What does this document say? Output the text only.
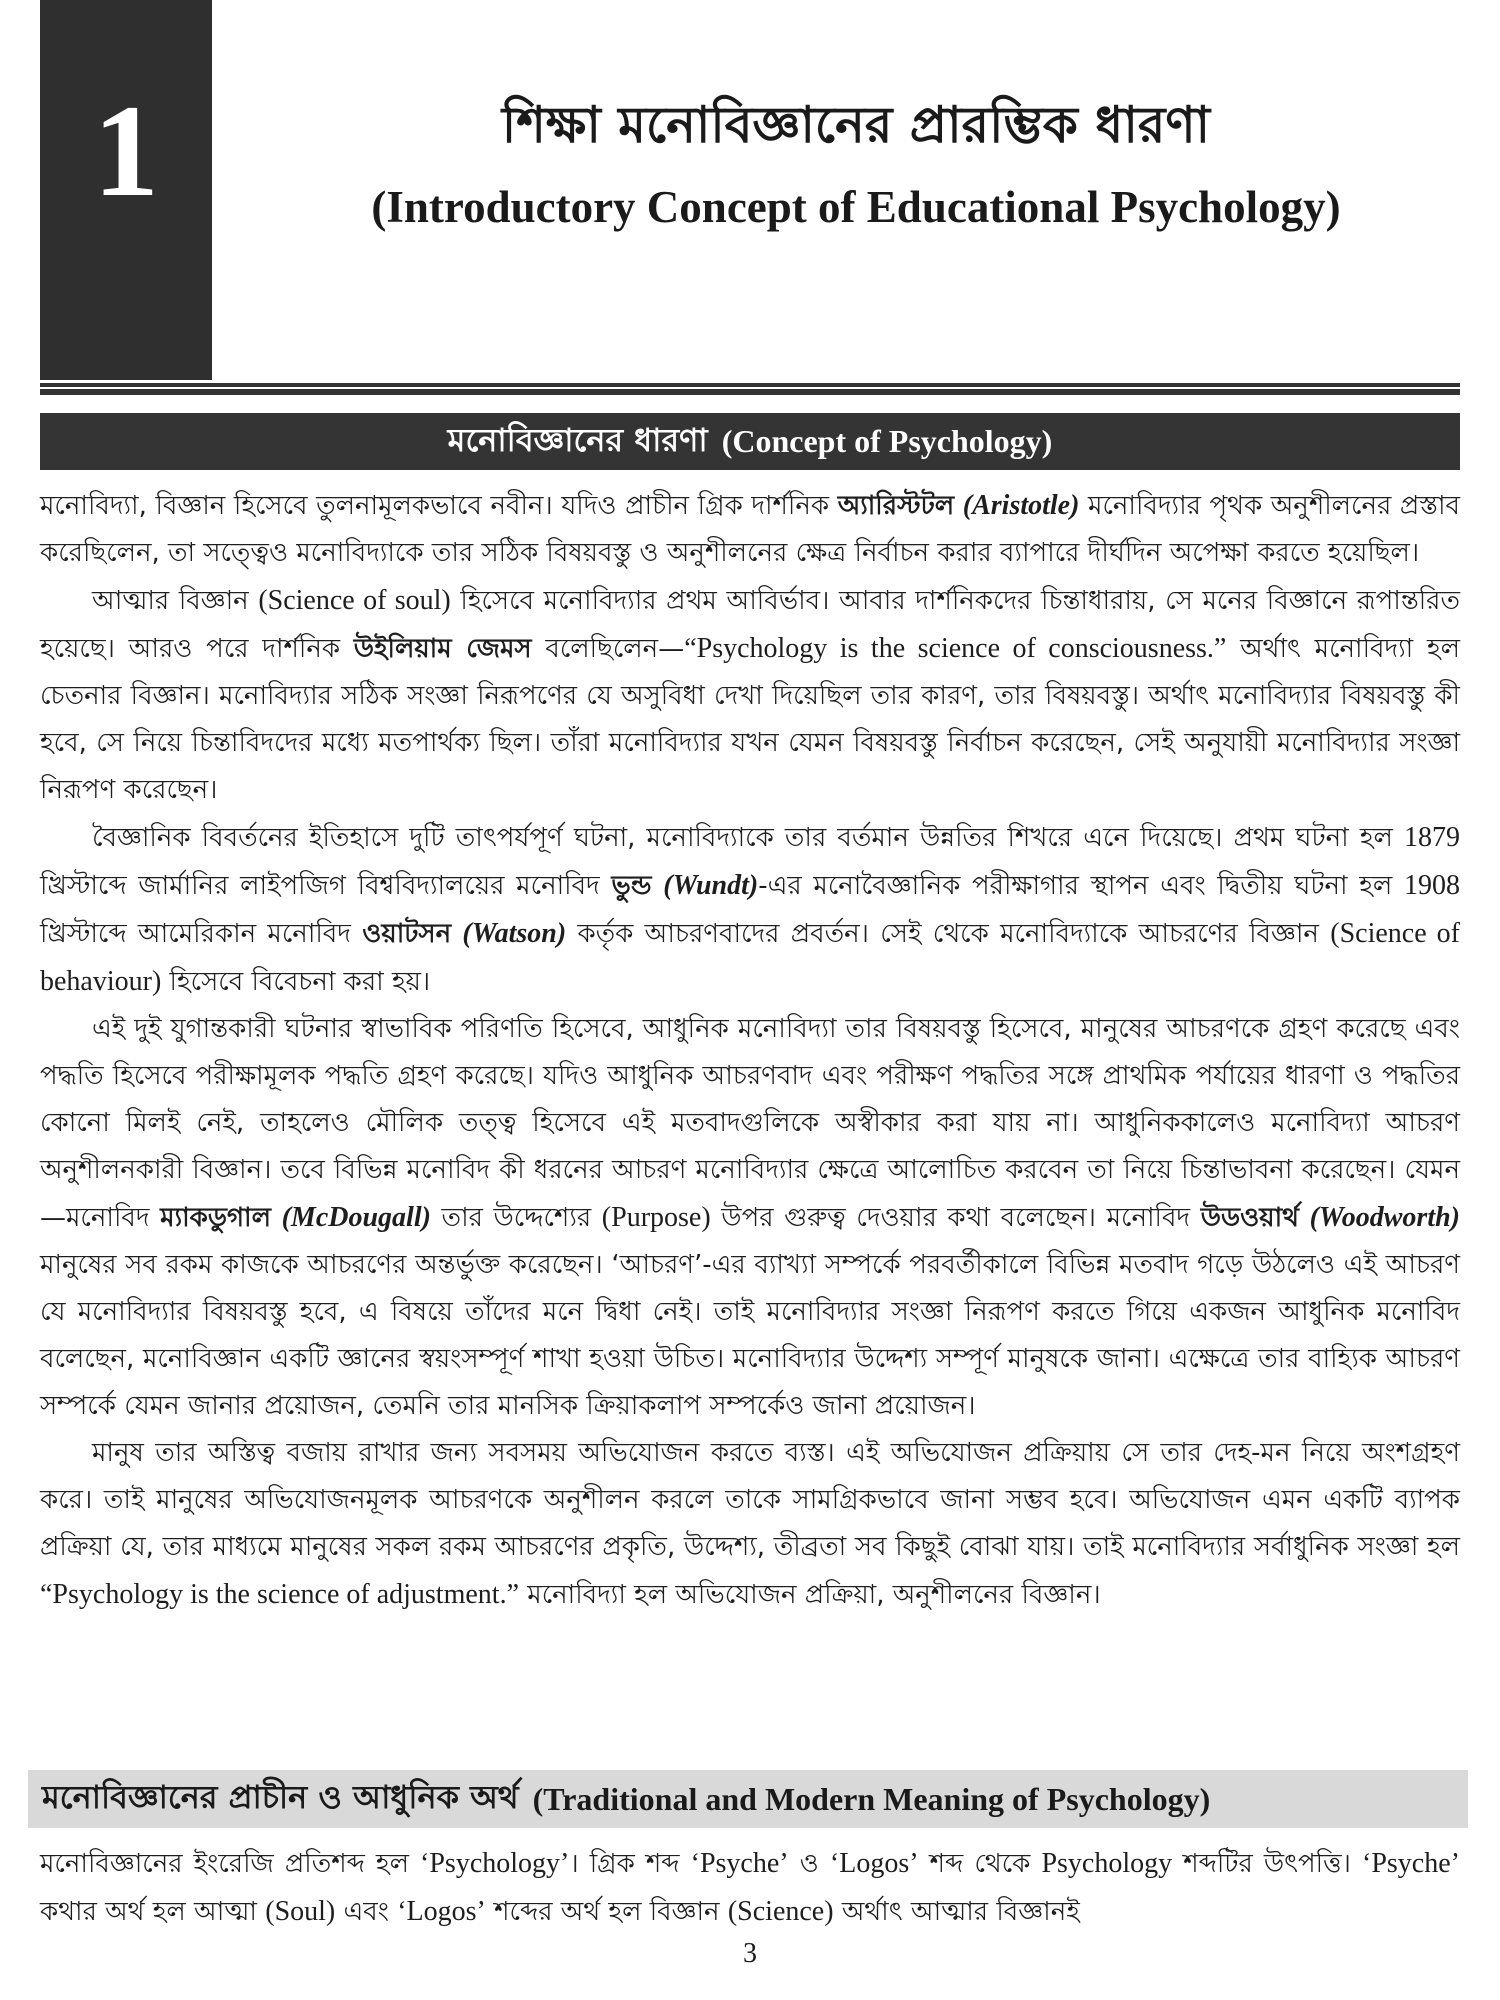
1	শিক্ষা মনোবিজ্ঞানের প্রারম্ভিক ধারণা
(Introductory Concept of Educational Psychology)
মনোবিজ্ঞানের ধারণা (Concept of Psychology)

মনোবিদ্যা, বিজ্ঞান হিসেবে তুলনামূলকভাবে নবীন। যদিও প্রাচীন গ্রিক দার্শনিক অ্যারিস্টটল (Aristotle) মনোবিদ্যার পৃথক অনুশীলনের প্রস্তাব করেছিলেন, তা সত্ত্বেও মনোবিদ্যাকে তার সঠিক বিষয়বস্তু ও অনুশীলনের ক্ষেত্র নির্বাচন করার ব্যাপারে দীর্ঘদিন অপেক্ষা করতে হয়েছিল।

আত্মার বিজ্ঞান (Science of soul) হিসেবে মনোবিদ্যার প্রথম আবির্ভাব। আবার দার্শনিকদের চিন্তাধারায়, সে মনের বিজ্ঞানে রূপান্তরিত হয়েছে। আরও পরে দার্শনিক উইলিয়াম জেমস বলেছিলেন—“Psychology is the science of consciousness.” অর্থাৎ মনোবিদ্যা হল চেতনার বিজ্ঞান। মনোবিদ্যার সঠিক সংজ্ঞা নিরূপণের যে অসুবিধা দেখা দিয়েছিল তার কারণ, তার বিষয়বস্তু। অর্থাৎ মনোবিদ্যার বিষয়বস্তু কী হবে, সে নিয়ে চিন্তাবিদদের মধ্যে মতপার্থক্য ছিল। তাঁরা মনোবিদ্যার যখন যেমন বিষয়বস্তু নির্বাচন করেছেন, সেই অনুযায়ী মনোবিদ্যার সংজ্ঞা নিরূপণ করেছেন।

বৈজ্ঞানিক বিবর্তনের ইতিহাসে দুটি তাৎপর্যপূর্ণ ঘটনা, মনোবিদ্যাকে তার বর্তমান উন্নতির শিখরে এনে দিয়েছে। প্রথম ঘটনা হল 1879 খ্রিস্টাব্দে জার্মানির লাইপজিগ বিশ্ববিদ্যালয়ের মনোবিদ ভুন্ড (Wundt)-এর মনোবৈজ্ঞানিক পরীক্ষাগার স্থাপন এবং দ্বিতীয় ঘটনা হল 1908 খ্রিস্টাব্দে আমেরিকান মনোবিদ ওয়াটসন (Watson) কর্তৃক আচরণবাদের প্রবর্তন। সেই থেকে মনোবিদ্যাকে আচরণের বিজ্ঞান (Science of behaviour) হিসেবে বিবেচনা করা হয়।

এই দুই যুগান্তকারী ঘটনার স্বাভাবিক পরিণতি হিসেবে, আধুনিক মনোবিদ্যা তার বিষয়বস্তু হিসেবে, মানুষের আচরণকে গ্রহণ করেছে এবং পদ্ধতি হিসেবে পরীক্ষামূলক পদ্ধতি গ্রহণ করেছে। যদিও আধুনিক আচরণবাদ এবং পরীক্ষণ পদ্ধতির সঙ্গে প্রাথমিক পর্যায়ের ধারণা ও পদ্ধতির কোনো মিলই নেই, তাহলেও মৌলিক তত্ত্ব হিসেবে এই মতবাদগুলিকে অস্বীকার করা যায় না। আধুনিককালেও মনোবিদ্যা আচরণ অনুশীলনকারী বিজ্ঞান। তবে বিভিন্ন মনোবিদ কী ধরনের আচরণ মনোবিদ্যার ক্ষেত্রে আলোচিত করবেন তা নিয়ে চিন্তাভাবনা করেছেন। যেমন—মনোবিদ ম্যাকডুগাল (McDougall) তার উদ্দেশ্যের (Purpose) উপর গুরুত্ব দেওয়ার কথা বলেছেন। মনোবিদ উডওয়ার্থ (Woodworth) মানুষের সব রকম কাজকে আচরণের অন্তর্ভুক্ত করেছেন। ‘আচরণ’-এর ব্যাখ্যা সম্পর্কে পরবর্তীকালে বিভিন্ন মতবাদ গড়ে উঠলেও এই আচরণ যে মনোবিদ্যার বিষয়বস্তু হবে, এ বিষয়ে তাঁদের মনে দ্বিধা নেই। তাই মনোবিদ্যার সংজ্ঞা নিরূপণ করতে গিয়ে একজন আধুনিক মনোবিদ বলেছেন, মনোবিজ্ঞান একটি জ্ঞানের স্বয়ংসম্পূর্ণ শাখা হওয়া উচিত। মনোবিদ্যার উদ্দেশ্য সম্পূর্ণ মানুষকে জানা। এক্ষেত্রে তার বাহ্যিক আচরণ সম্পর্কে যেমন জানার প্রয়োজন, তেমনি তার মানসিক ক্রিয়াকলাপ সম্পর্কেও জানা প্রয়োজন।

মানুষ তার অস্তিত্ব বজায় রাখার জন্য সবসময় অভিযোজন করতে ব্যস্ত। এই অভিযোজন প্রক্রিয়ায় সে তার দেহ-মন নিয়ে অংশগ্রহণ করে। তাই মানুষের অভিযোজনমূলক আচরণকে অনুশীলন করলে তাকে সামগ্রিকভাবে জানা সম্ভব হবে। অভিযোজন এমন একটি ব্যাপক প্রক্রিয়া যে, তার মাধ্যমে মানুষের সকল রকম আচরণের প্রকৃতি, উদ্দেশ্য, তীব্রতা সব কিছুই বোঝা যায়। তাই মনোবিদ্যার সর্বাধুনিক সংজ্ঞা হল “Psychology is the science of adjustment.” মনোবিদ্যা হল অভিযোজন প্রক্রিয়া, অনুশীলনের বিজ্ঞান।

মনোবিজ্ঞানের প্রাচীন ও আধুনিক অর্থ (Traditional and Modern Meaning of Psychology)

মনোবিজ্ঞানের ইংরেজি প্রতিশব্দ হল ‘Psychology’। গ্রিক শব্দ ‘Psyche’ ও ‘Logos’ শব্দ থেকে Psychology শব্দটির উৎপত্তি। ‘Psyche’ কথার অর্থ হল আত্মা (Soul) এবং ‘Logos’ শব্দের অর্থ হল বিজ্ঞান (Science) অর্থাৎ আত্মার বিজ্ঞানই

3
